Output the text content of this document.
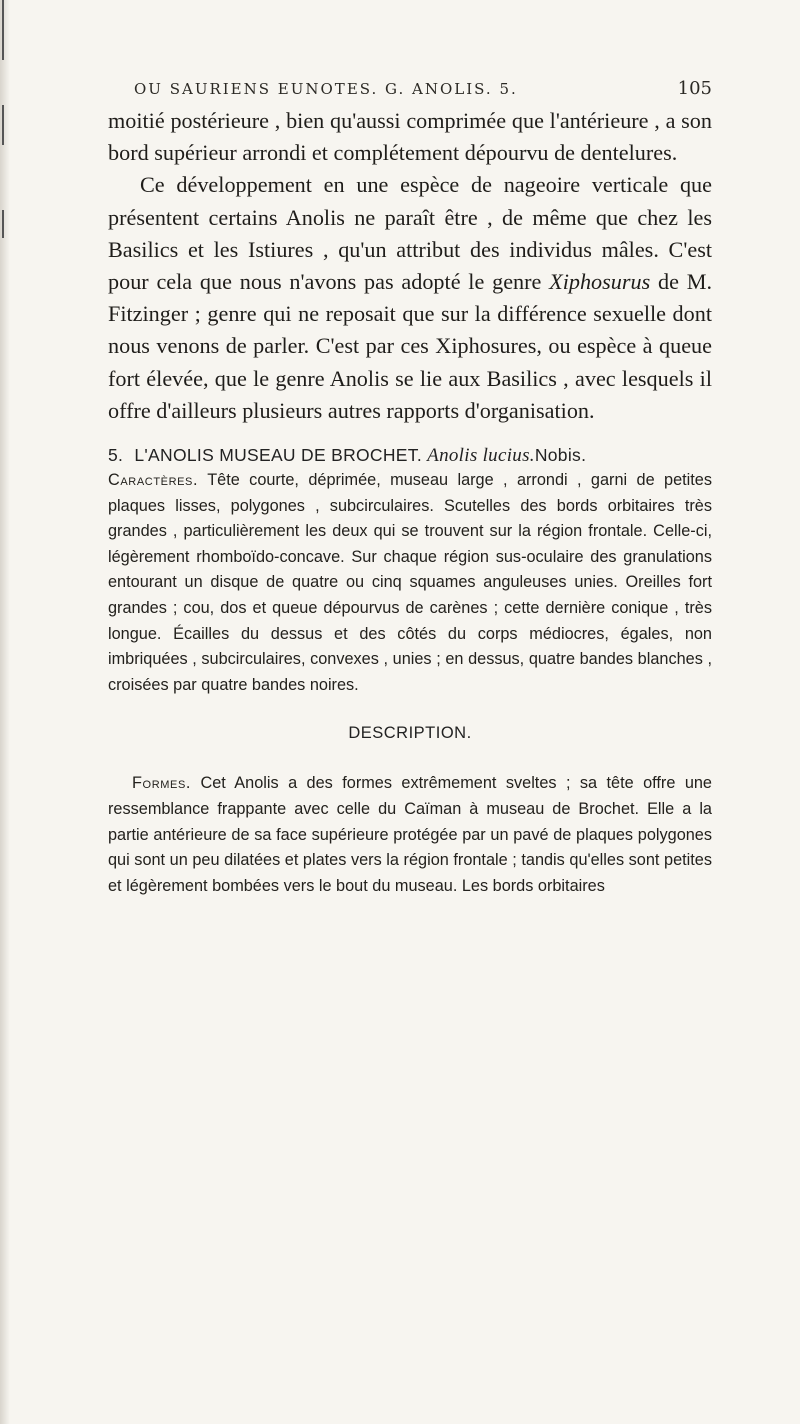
OU SAURIENS EUNOTES. G. ANOLIS. 5.	105

moitié postérieure , bien qu'aussi comprimée que l'antérieure , a son bord supérieur arrondi et complétement dépourvu de dentelures.

Ce développement en une espèce de nageoire verticale que présentent certains Anolis ne paraît être , de même que chez les Basilics et les Istiures , qu'un attribut des individus mâles. C'est pour cela que nous n'avons pas adopté le genre Xiphosurus de M. Fitzinger ; genre qui ne reposait que sur la différence sexuelle dont nous venons de parler. C'est par ces Xiphosures, ou espèce à queue fort élevée, que le genre Anolis se lie aux Basilics , avec lesquels il offre d'ailleurs plusieurs autres rapports d'organisation.

5. L'ANOLIS MUSEAU DE BROCHET. Anolis lucius.Nobis.

Caractères. Tête courte, déprimée, museau large , arrondi , garni de petites plaques lisses, polygones , subcirculaires. Scutelles des bords orbitaires très grandes , particulièrement les deux qui se trouvent sur la région frontale. Celle-ci, légèrement rhomboïdo-concave. Sur chaque région sus-oculaire des granulations entourant un disque de quatre ou cinq squames anguleuses unies. Oreilles fort grandes ; cou, dos et queue dépourvus de carènes ; cette dernière conique , très longue. Écailles du dessus et des côtés du corps médiocres, égales, non imbriquées , subcirculaires, convexes , unies ; en dessus, quatre bandes blanches , croisées par quatre bandes noires.

DESCRIPTION.

Formes. Cet Anolis a des formes extrêmement sveltes ; sa tête offre une ressemblance frappante avec celle du Caïman à museau de Brochet. Elle a la partie antérieure de sa face supérieure protégée par un pavé de plaques polygones qui sont un peu dilatées et plates vers la région frontale ; tandis qu'elles sont petites et légèrement bombées vers le bout du museau. Les bords orbitaires
